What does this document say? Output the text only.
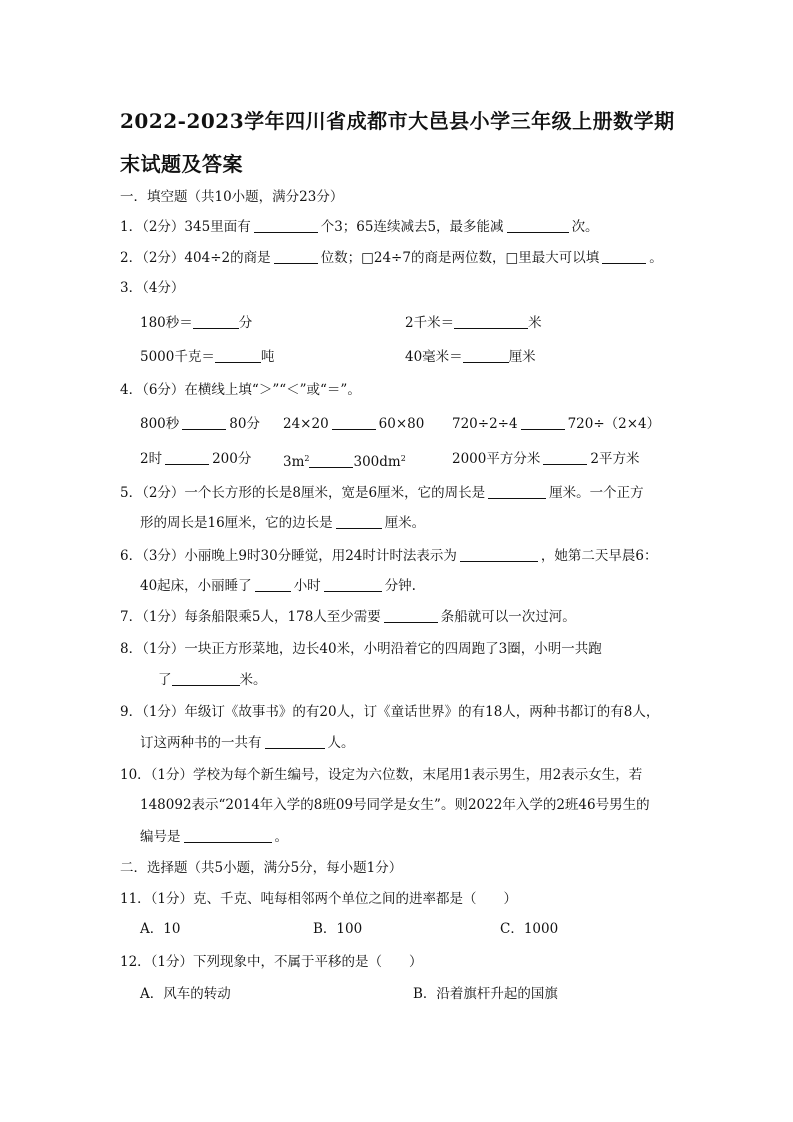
2022-2023学年四川省成都市大邑县小学三年级上册数学期
末试题及答案
一．填空题（共10小题，满分23分）
1．（2分）345里面有	个3；65连续减去5，最多能减	次。
2．（2分）404÷2的商是	位数；□24÷7的商是两位数，□里最大可以填	。
3．（4分）
180秒＝	分	2千米＝	米
5000千克＝	吨	40毫米＝	厘米
4．（6分）在横线上填“＞”“＜”或“＝”。
800秒	80分 24×20	60×80 720÷2÷4	720÷（2×4）
2时	200分 $3m^2$	$300dm^2$	2000平方分米	2平方米
5．（2分）一个长方形的长是8厘米，宽是6厘米，它的周长是	厘米。一个正方
形的周长是16厘米，它的边长是	厘米。
6．（3分）小丽晚上9时30分睡觉，用24时计时法表示为	，她第二天早晨6：
40起床，小丽睡了	小时	分钟.
7．（1分）每条船限乘5人，178人至少需要	条船就可以一次过河。
8．（1分）一块正方形菜地，边长40米，小明沿着它的四周跑了3圈，小明一共跑
了	米。
9．（1分）年级订《故事书》的有20人，订《童话世界》的有18人，两种书都订的有8人，
订这两种书的一共有	人。
10．（1分）学校为每个新生编号，设定为六位数，末尾用1表示男生，用2表示女生，若
148092表示“2014年入学的8班09号同学是女生”。则2022年入学的2班46号男生的
编号是	。
二．选择题（共5小题，满分5分，每小题1分）
11．（1分）克、千克、吨每相邻两个单位之间的进率都是（　　）
A．10	B．100	C．1000
12．（1分）下列现象中，不属于平移的是（　　）
A．风车的转动	B．沿着旗杆升起的国旗
